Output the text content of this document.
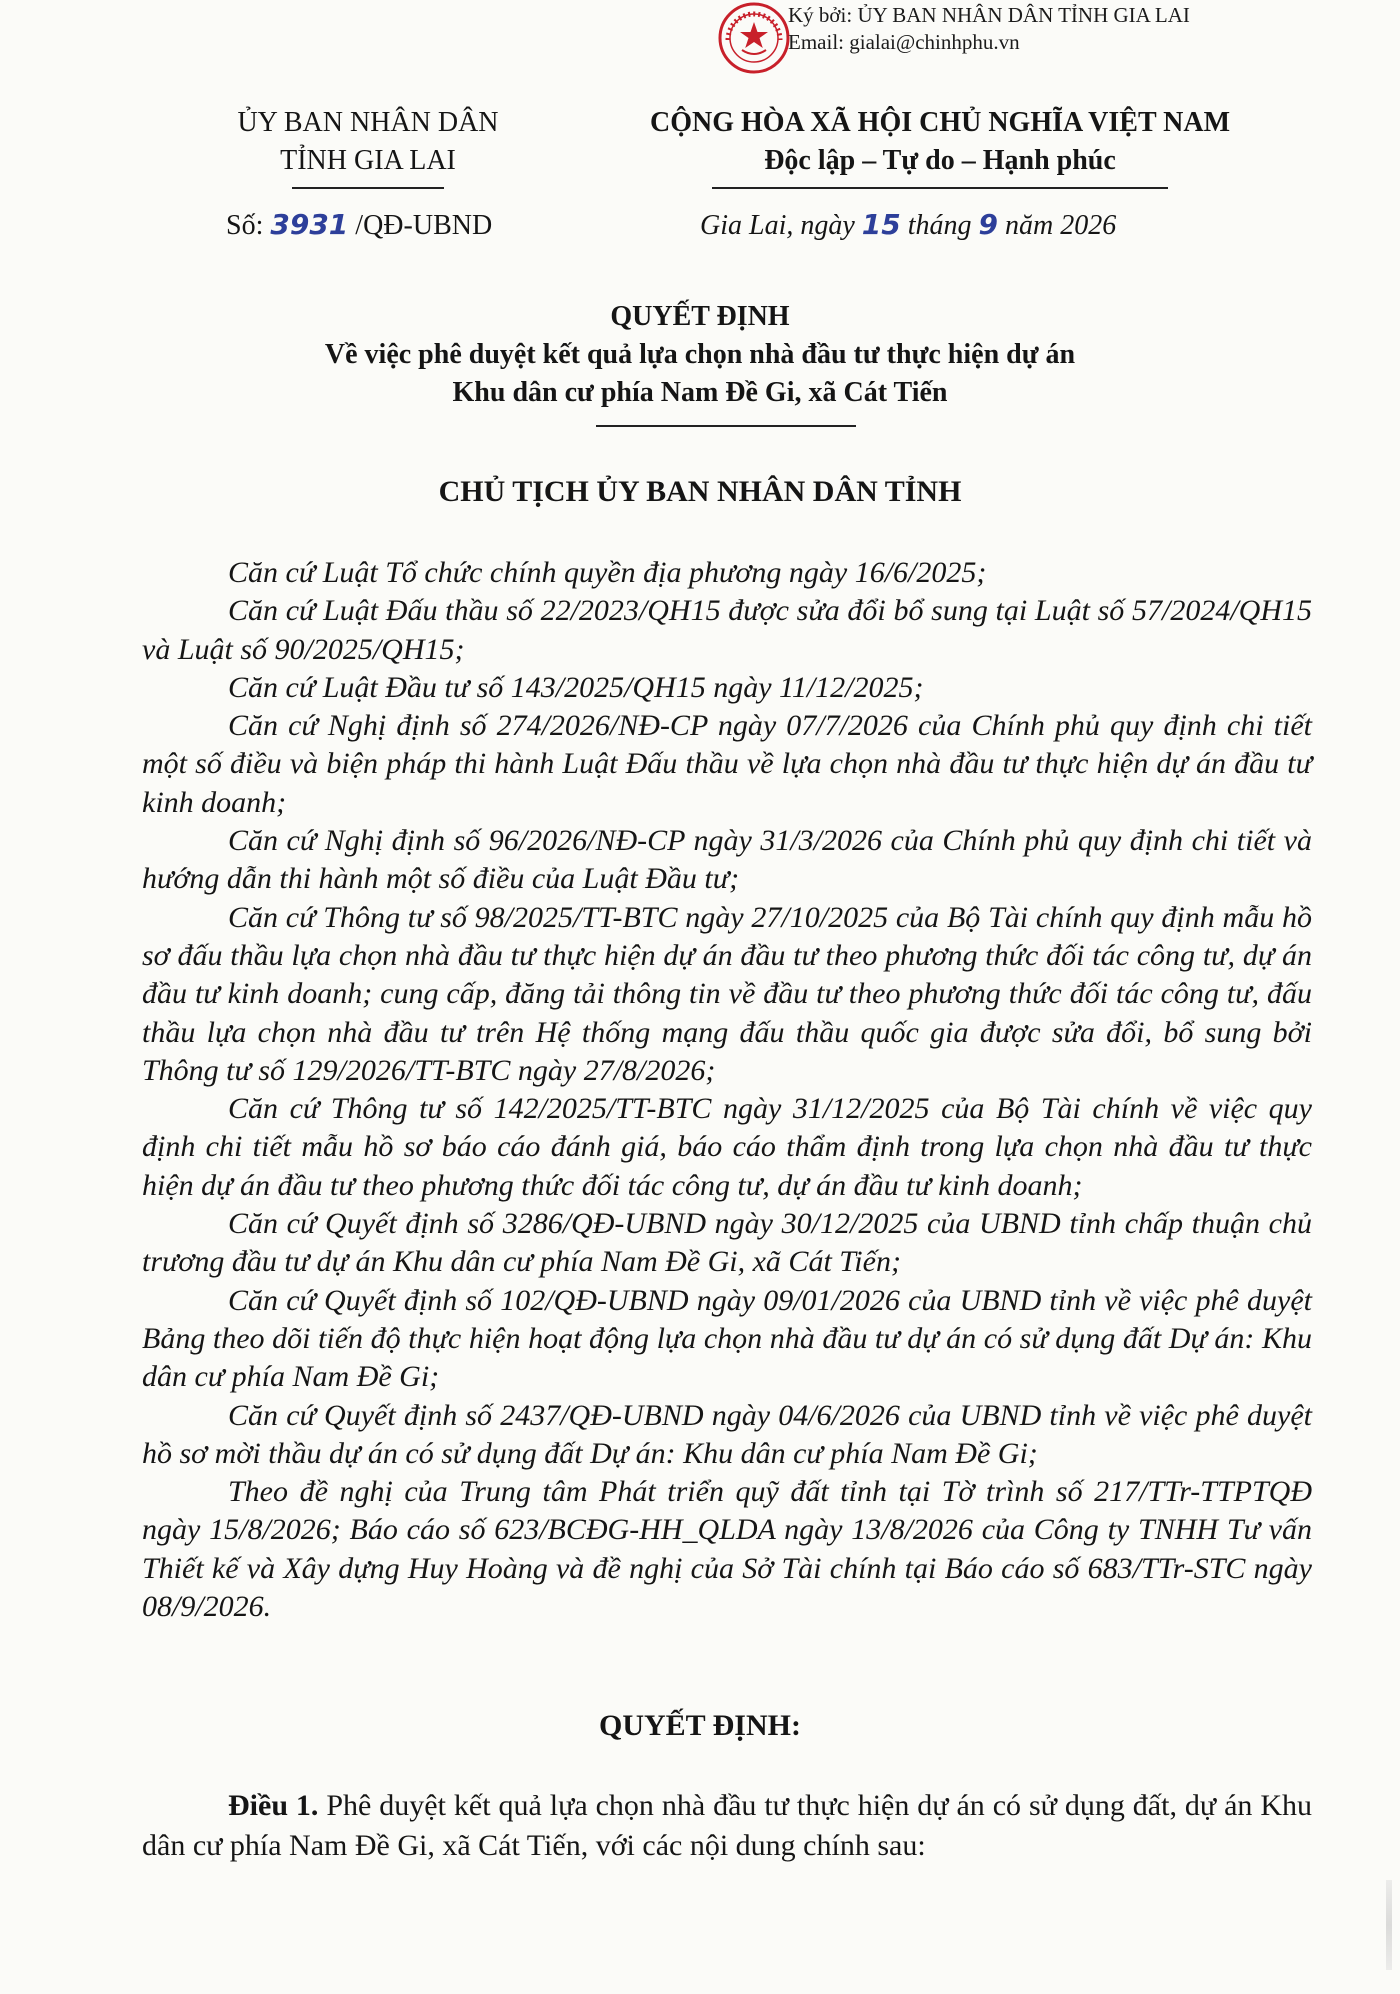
Ký bởi: ỦY BAN NHÂN DÂN TỈNH GIA LAI
Email: gialai@chinhphu.vn
ỦY BAN NHÂN DÂN
TỈNH GIA LAI
CỘNG HÒA XÃ HỘI CHỦ NGHĨA VIỆT NAM
Độc lập – Tự do – Hạnh phúc
Số: 3931 /QĐ-UBND	Gia Lai, ngày 15 tháng 9 năm 2026
QUYẾT ĐỊNH
Về việc phê duyệt kết quả lựa chọn nhà đầu tư thực hiện dự án
Khu dân cư phía Nam Đề Gi, xã Cát Tiến
CHỦ TỊCH ỦY BAN NHÂN DÂN TỈNH

Căn cứ Luật Tổ chức chính quyền địa phương ngày 16/6/2025;

Căn cứ Luật Đấu thầu số 22/2023/QH15 được sửa đổi bổ sung tại Luật số 57/2024/QH15 và Luật số 90/2025/QH15;

Căn cứ Luật Đầu tư số 143/2025/QH15 ngày 11/12/2025;

Căn cứ Nghị định số 274/2026/NĐ-CP ngày 07/7/2026 của Chính phủ quy định chi tiết một số điều và biện pháp thi hành Luật Đấu thầu về lựa chọn nhà đầu tư thực hiện dự án đầu tư kinh doanh;

Căn cứ Nghị định số 96/2026/NĐ-CP ngày 31/3/2026 của Chính phủ quy định chi tiết và hướng dẫn thi hành một số điều của Luật Đầu tư;

Căn cứ Thông tư số 98/2025/TT-BTC ngày 27/10/2025 của Bộ Tài chính quy định mẫu hồ sơ đấu thầu lựa chọn nhà đầu tư thực hiện dự án đầu tư theo phương thức đối tác công tư, dự án đầu tư kinh doanh; cung cấp, đăng tải thông tin về đầu tư theo phương thức đối tác công tư, đấu thầu lựa chọn nhà đầu tư trên Hệ thống mạng đấu thầu quốc gia được sửa đổi, bổ sung bởi Thông tư số 129/2026/TT-BTC ngày 27/8/2026;

Căn cứ Thông tư số 142/2025/TT-BTC ngày 31/12/2025 của Bộ Tài chính về việc quy định chi tiết mẫu hồ sơ báo cáo đánh giá, báo cáo thẩm định trong lựa chọn nhà đầu tư thực hiện dự án đầu tư theo phương thức đối tác công tư, dự án đầu tư kinh doanh;

Căn cứ Quyết định số 3286/QĐ-UBND ngày 30/12/2025 của UBND tỉnh chấp thuận chủ trương đầu tư dự án Khu dân cư phía Nam Đề Gi, xã Cát Tiến;

Căn cứ Quyết định số 102/QĐ-UBND ngày 09/01/2026 của UBND tỉnh về việc phê duyệt Bảng theo dõi tiến độ thực hiện hoạt động lựa chọn nhà đầu tư dự án có sử dụng đất Dự án: Khu dân cư phía Nam Đề Gi;

Căn cứ Quyết định số 2437/QĐ-UBND ngày 04/6/2026 của UBND tỉnh về việc phê duyệt hồ sơ mời thầu dự án có sử dụng đất Dự án: Khu dân cư phía Nam Đề Gi;

Theo đề nghị của Trung tâm Phát triển quỹ đất tỉnh tại Tờ trình số 217/TTr-TTPTQĐ ngày 15/8/2026; Báo cáo số 623/BCĐG-HH_QLDA ngày 13/8/2026 của Công ty TNHH Tư vấn Thiết kế và Xây dựng Huy Hoàng và đề nghị của Sở Tài chính tại Báo cáo số 683/TTr-STC ngày 08/9/2026.

QUYẾT ĐỊNH:

Điều 1. Phê duyệt kết quả lựa chọn nhà đầu tư thực hiện dự án có sử dụng đất, dự án Khu dân cư phía Nam Đề Gi, xã Cát Tiến, với các nội dung chính sau:
